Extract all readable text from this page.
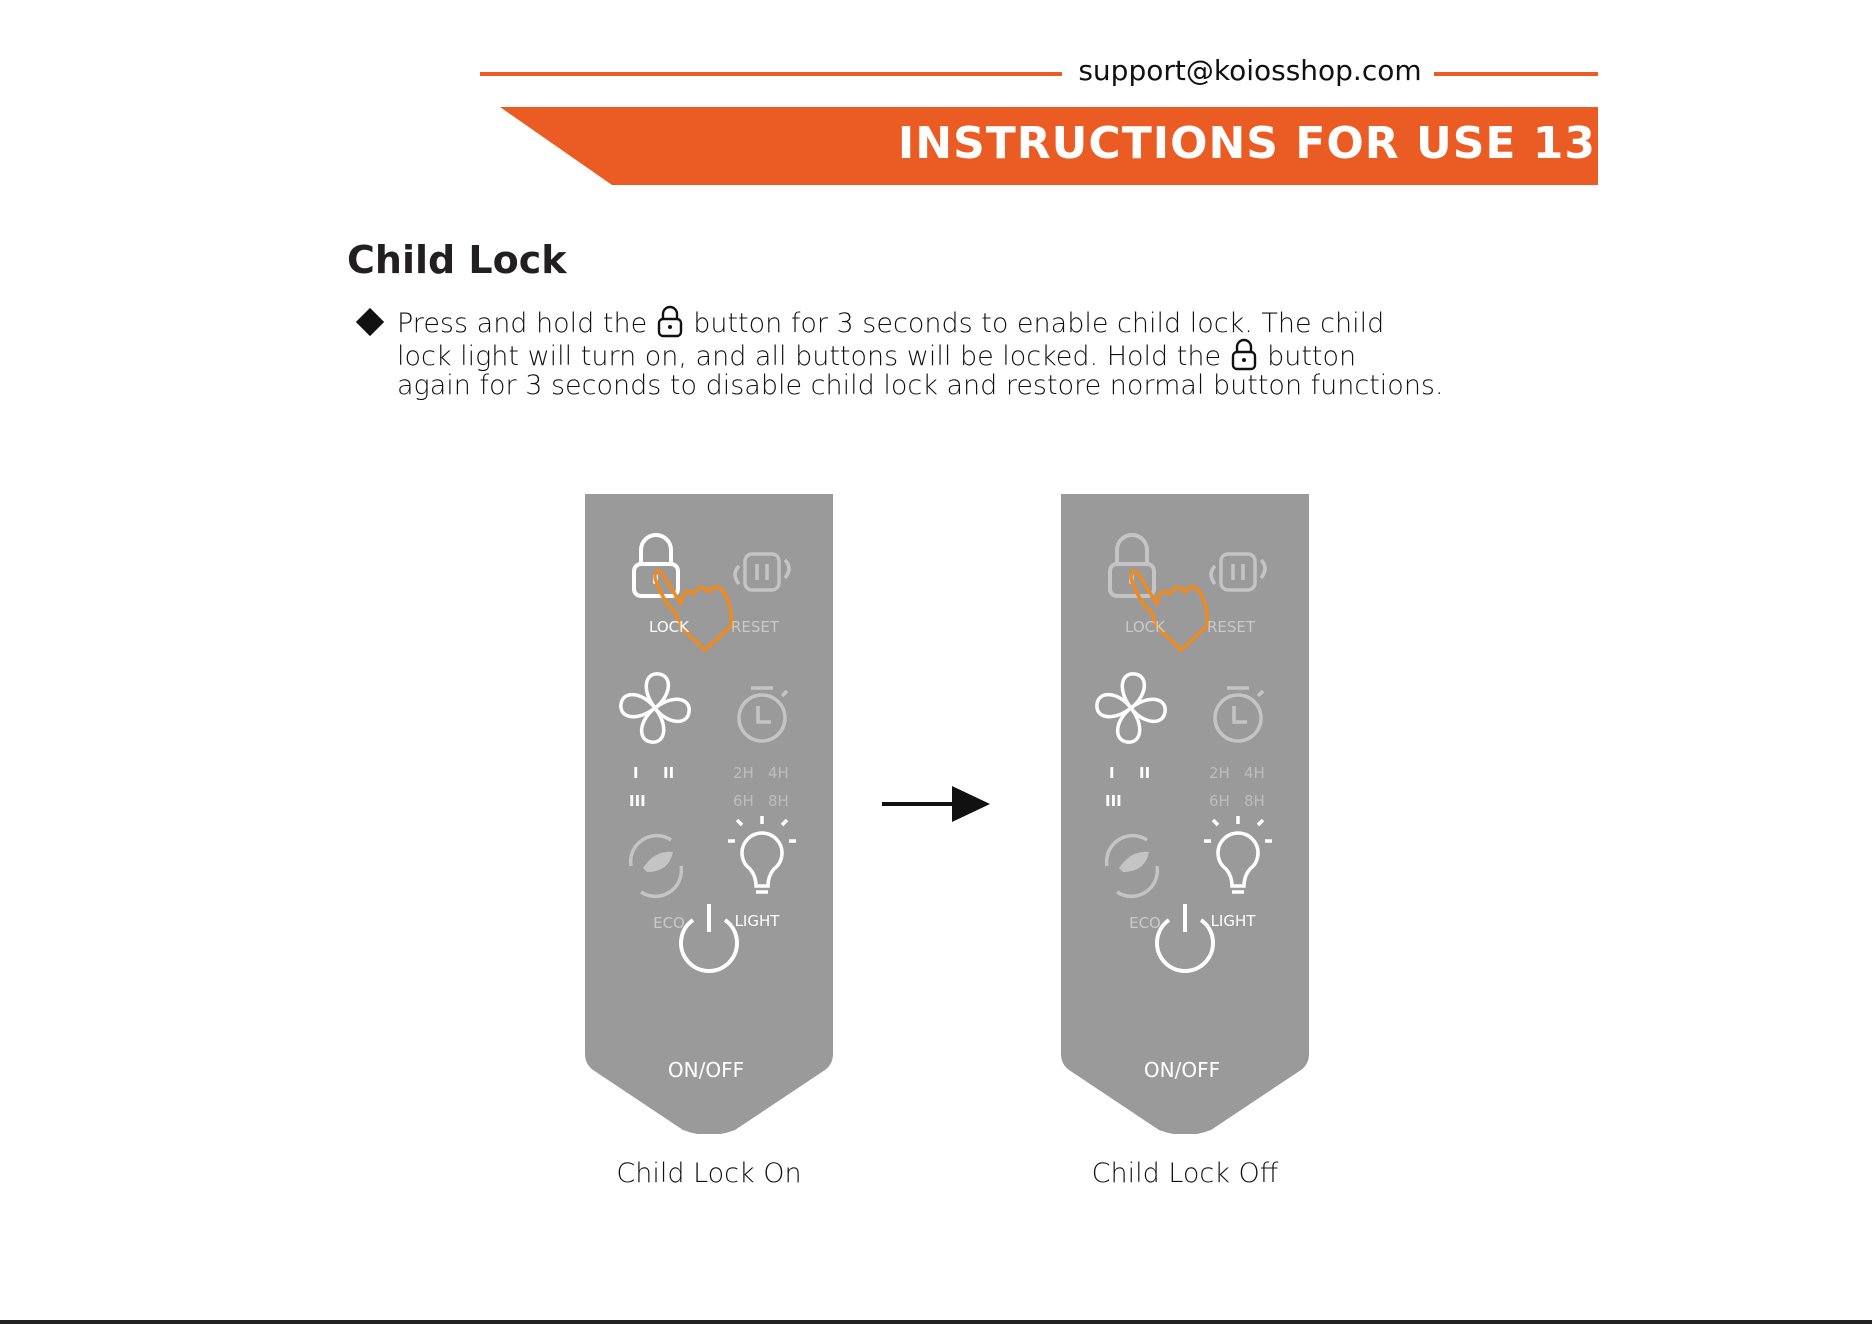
support@koiosshop.com
INSTRUCTIONS FOR USE 13
Child Lock
Press and hold the button for 3 seconds to enable child lock. The child
lock light will turn on, and all buttons will be locked. Hold the button
again for 3 seconds to disable child lock and restore normal button functions.
LOCK	RESET
ECO	LIGHT
ON/OFF
I II
III
2H 4H
6H 8H
Child Lock On
LOCK	RESET
ECO	LIGHT
ON/OFF
I II
III
2H 4H
6H 8H
Child Lock Off
